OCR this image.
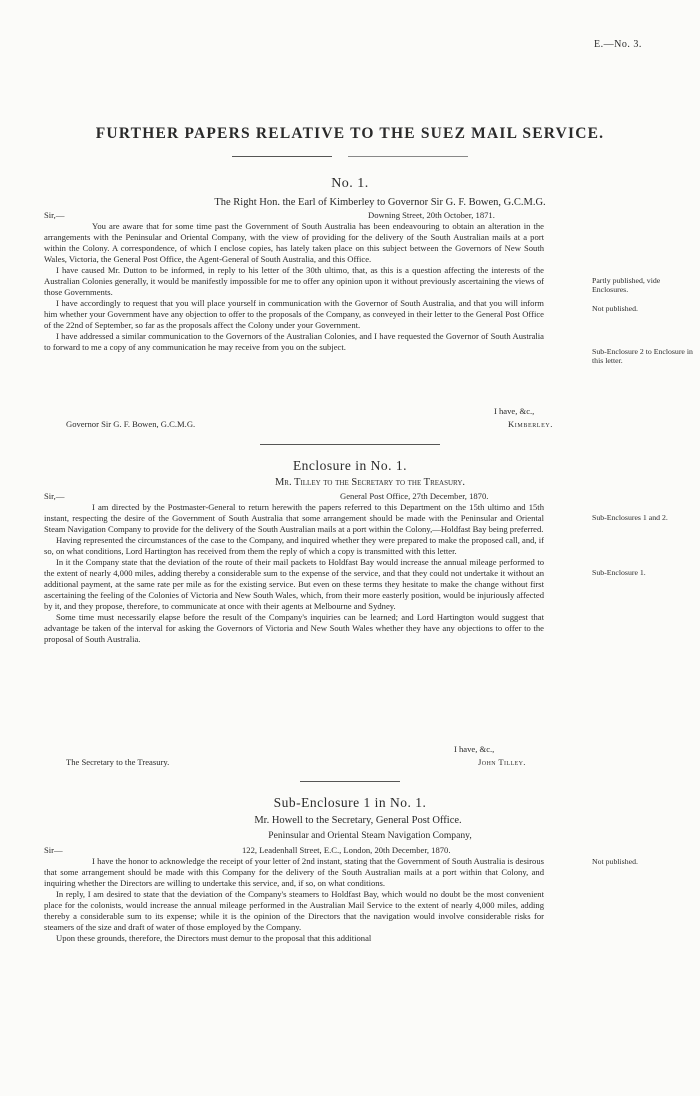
E.—No. 3.
FURTHER PAPERS RELATIVE TO THE SUEZ MAIL SERVICE.
No. 1.
The Right Hon. the Earl of Kimberley to Governor Sir G. F. Bowen, G.C.M.G.
Sir,—	Downing Street, 20th October, 1871.

You are aware that for some time past the Government of South Australia has been endeavouring to obtain an alteration in the arrangements with the Peninsular and Oriental Company, with the view of providing for the delivery of the South Australian mails at a port within the Colony. A correspondence, of which I enclose copies, has lately taken place on this subject between the Governors of New South Wales, Victoria, the General Post Office, the Agent-General of South Australia, and this Office.

I have caused Mr. Dutton to be informed, in reply to his letter of the 30th ultimo, that, as this is a question affecting the interests of the Australian Colonies generally, it would be manifestly impossible for me to offer any opinion upon it without previously ascertaining the views of those Governments.

I have accordingly to request that you will place yourself in communication with the Governor of South Australia, and that you will inform him whether your Government have any objection to offer to the proposals of the Company, as conveyed in their letter to the General Post Office of the 22nd of September, so far as the proposals affect the Colony under your Government.

I have addressed a similar communication to the Governors of the Australian Colonies, and I have requested the Governor of South Australia to forward to me a copy of any communication he may receive from you on the subject.

I have, &c.,
Governor Sir G. F. Bowen, G.C.M.G.	Kimberley.
Partly published, vide Enclosures.
Not published.
Sub-Enclosure 2 to Enclosure in this letter.
Enclosure in No. 1.
Mr. Tilley to the Secretary to the Treasury.
Sir,—	General Post Office, 27th December, 1870.

I am directed by the Postmaster-General to return herewith the papers referred to this Department on the 15th ultimo and 15th instant, respecting the desire of the Government of South Australia that some arrangement should be made with the Peninsular and Oriental Steam Navigation Company to provide for the delivery of the South Australian mails at a port within the Colony,—Holdfast Bay being preferred.

Having represented the circumstances of the case to the Company, and inquired whether they were prepared to make the proposed call, and, if so, on what conditions, Lord Hartington has received from them the reply of which a copy is transmitted with this letter.

In it the Company state that the deviation of the route of their mail packets to Holdfast Bay would increase the annual mileage performed to the extent of nearly 4,000 miles, adding thereby a considerable sum to the expense of the service, and that they could not undertake it without an additional payment, at the same rate per mile as for the existing service. But even on these terms they hesitate to make the change without first ascertaining the feeling of the Colonies of Victoria and New South Wales, which, from their more easterly position, would be injuriously affected by it, and they propose, therefore, to communicate at once with their agents at Melbourne and Sydney.

Some time must necessarily elapse before the result of the Company's inquiries can be learned; and Lord Hartington would suggest that advantage be taken of the interval for asking the Governors of Victoria and New South Wales whether they have any objections to offer to the proposal of South Australia.

I have, &c.,
The Secretary to the Treasury.	John Tilley.
Sub-Enclosures 1 and 2.
Sub-Enclosure 1.
Sub-Enclosure 1 in No. 1.
Mr. Howell to the Secretary, General Post Office.
Peninsular and Oriental Steam Navigation Company,
Sir—	122, Leadenhall Street, E.C., London, 20th December, 1870.

I have the honor to acknowledge the receipt of your letter of 2nd instant, stating that the Government of South Australia is desirous that some arrangement should be made with this Company for the delivery of the South Australian mails at a port within that Colony, and inquiring whether the Directors are willing to undertake this service, and, if so, on what conditions.

In reply, I am desired to state that the deviation of the Company's steamers to Holdfast Bay, which would no doubt be the most convenient place for the colonists, would increase the annual mileage performed in the Australian Mail Service to the extent of nearly 4,000 miles, adding thereby a considerable sum to its expense; while it is the opinion of the Directors that the navigation would involve considerable risks for steamers of the size and draft of water of those employed by the Company.

Upon these grounds, therefore, the Directors must demur to the proposal that this additional

Not published.
